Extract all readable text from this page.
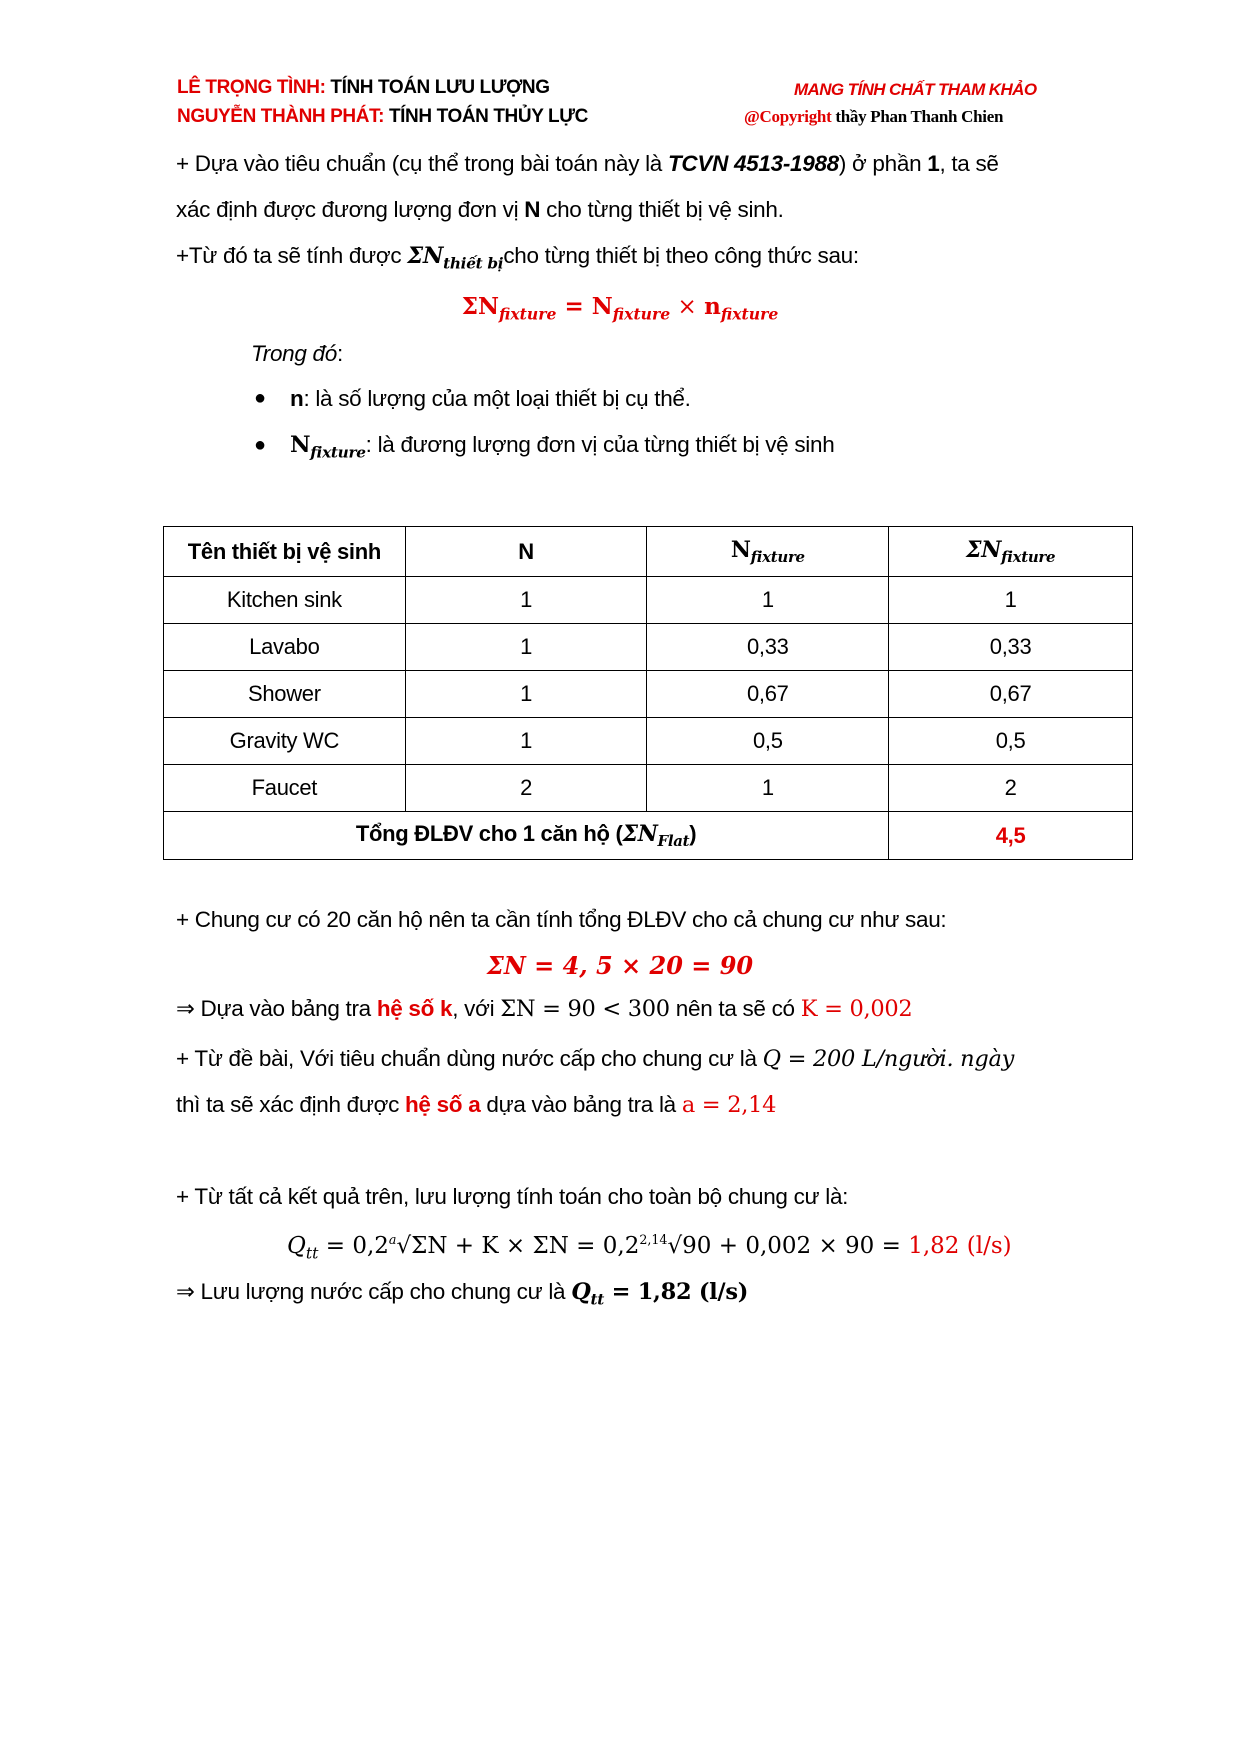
LÊ TRỌNG TÌNH: TÍNH TOÁN LƯU LƯỢNG
NGUYỄN THÀNH PHÁT: TÍNH TOÁN THỦY LỰC
MANG TÍNH CHẤT THAM KHẢO
@Copyright thầy Phan Thanh Chien
+ Dựa vào tiêu chuẩn (cụ thể trong bài toán này là TCVN 4513-1988) ở phần 1, ta sẽ
xác định được đương lượng đơn vị N cho từng thiết bị vệ sinh.
+Từ đó ta sẽ tính được $\Sigma N_{thiết bị}cho$ từng thiết bị theo công thức sau:
$\Sigma N_{fixture} = N_{fixture} \times n_{fixture}$
Trong đó:
● n: là số lượng của một loại thiết bị cụ thể.
● $N_{fixture}$: là đương lượng đơn vị của từng thiết bị vệ sinh
Tên thiết bị vệ sinh	N	$N_{fixture}$	$\Sigma N_{fixture}$
Kitchen sink	1	1	1
Lavabo	1	0,33	0,33
Shower	1	0,67	0,67
Gravity WC	1	0,5	0,5
Faucet	2	1	2
Tổng ĐLĐV cho 1 căn hộ $(\Sigma N_{Flat})$			4,5
+ Chung cư có 20 căn hộ nên ta cần tính tổng ĐLĐV cho cả chung cư như sau:
ΣN = 4, 5 × 20 = 90
⇒ Dựa vào bảng tra hệ số k, với ΣN = 90 < 300 nên ta sẽ có K = 0,002
+ Từ đề bài, Với tiêu chuẩn dùng nước cấp cho chung cư là Q = 200 L/người. ngày
thì ta sẽ xác định được hệ số a dựa vào bảng tra là a = 2,14
+ Từ tất cả kết quả trên, lưu lượng tính toán cho toàn bộ chung cư là:
$Q_{tt} = 0,2^a√\Sigma N + K \times \Sigma N = 0,2^{2,14}√90 + 0,002 \times 90 = 1,82$ (l/s)
⇒ Lưu lượng nước cấp cho chung cư là $Q_{tt} = 1,82$ (l/s)
